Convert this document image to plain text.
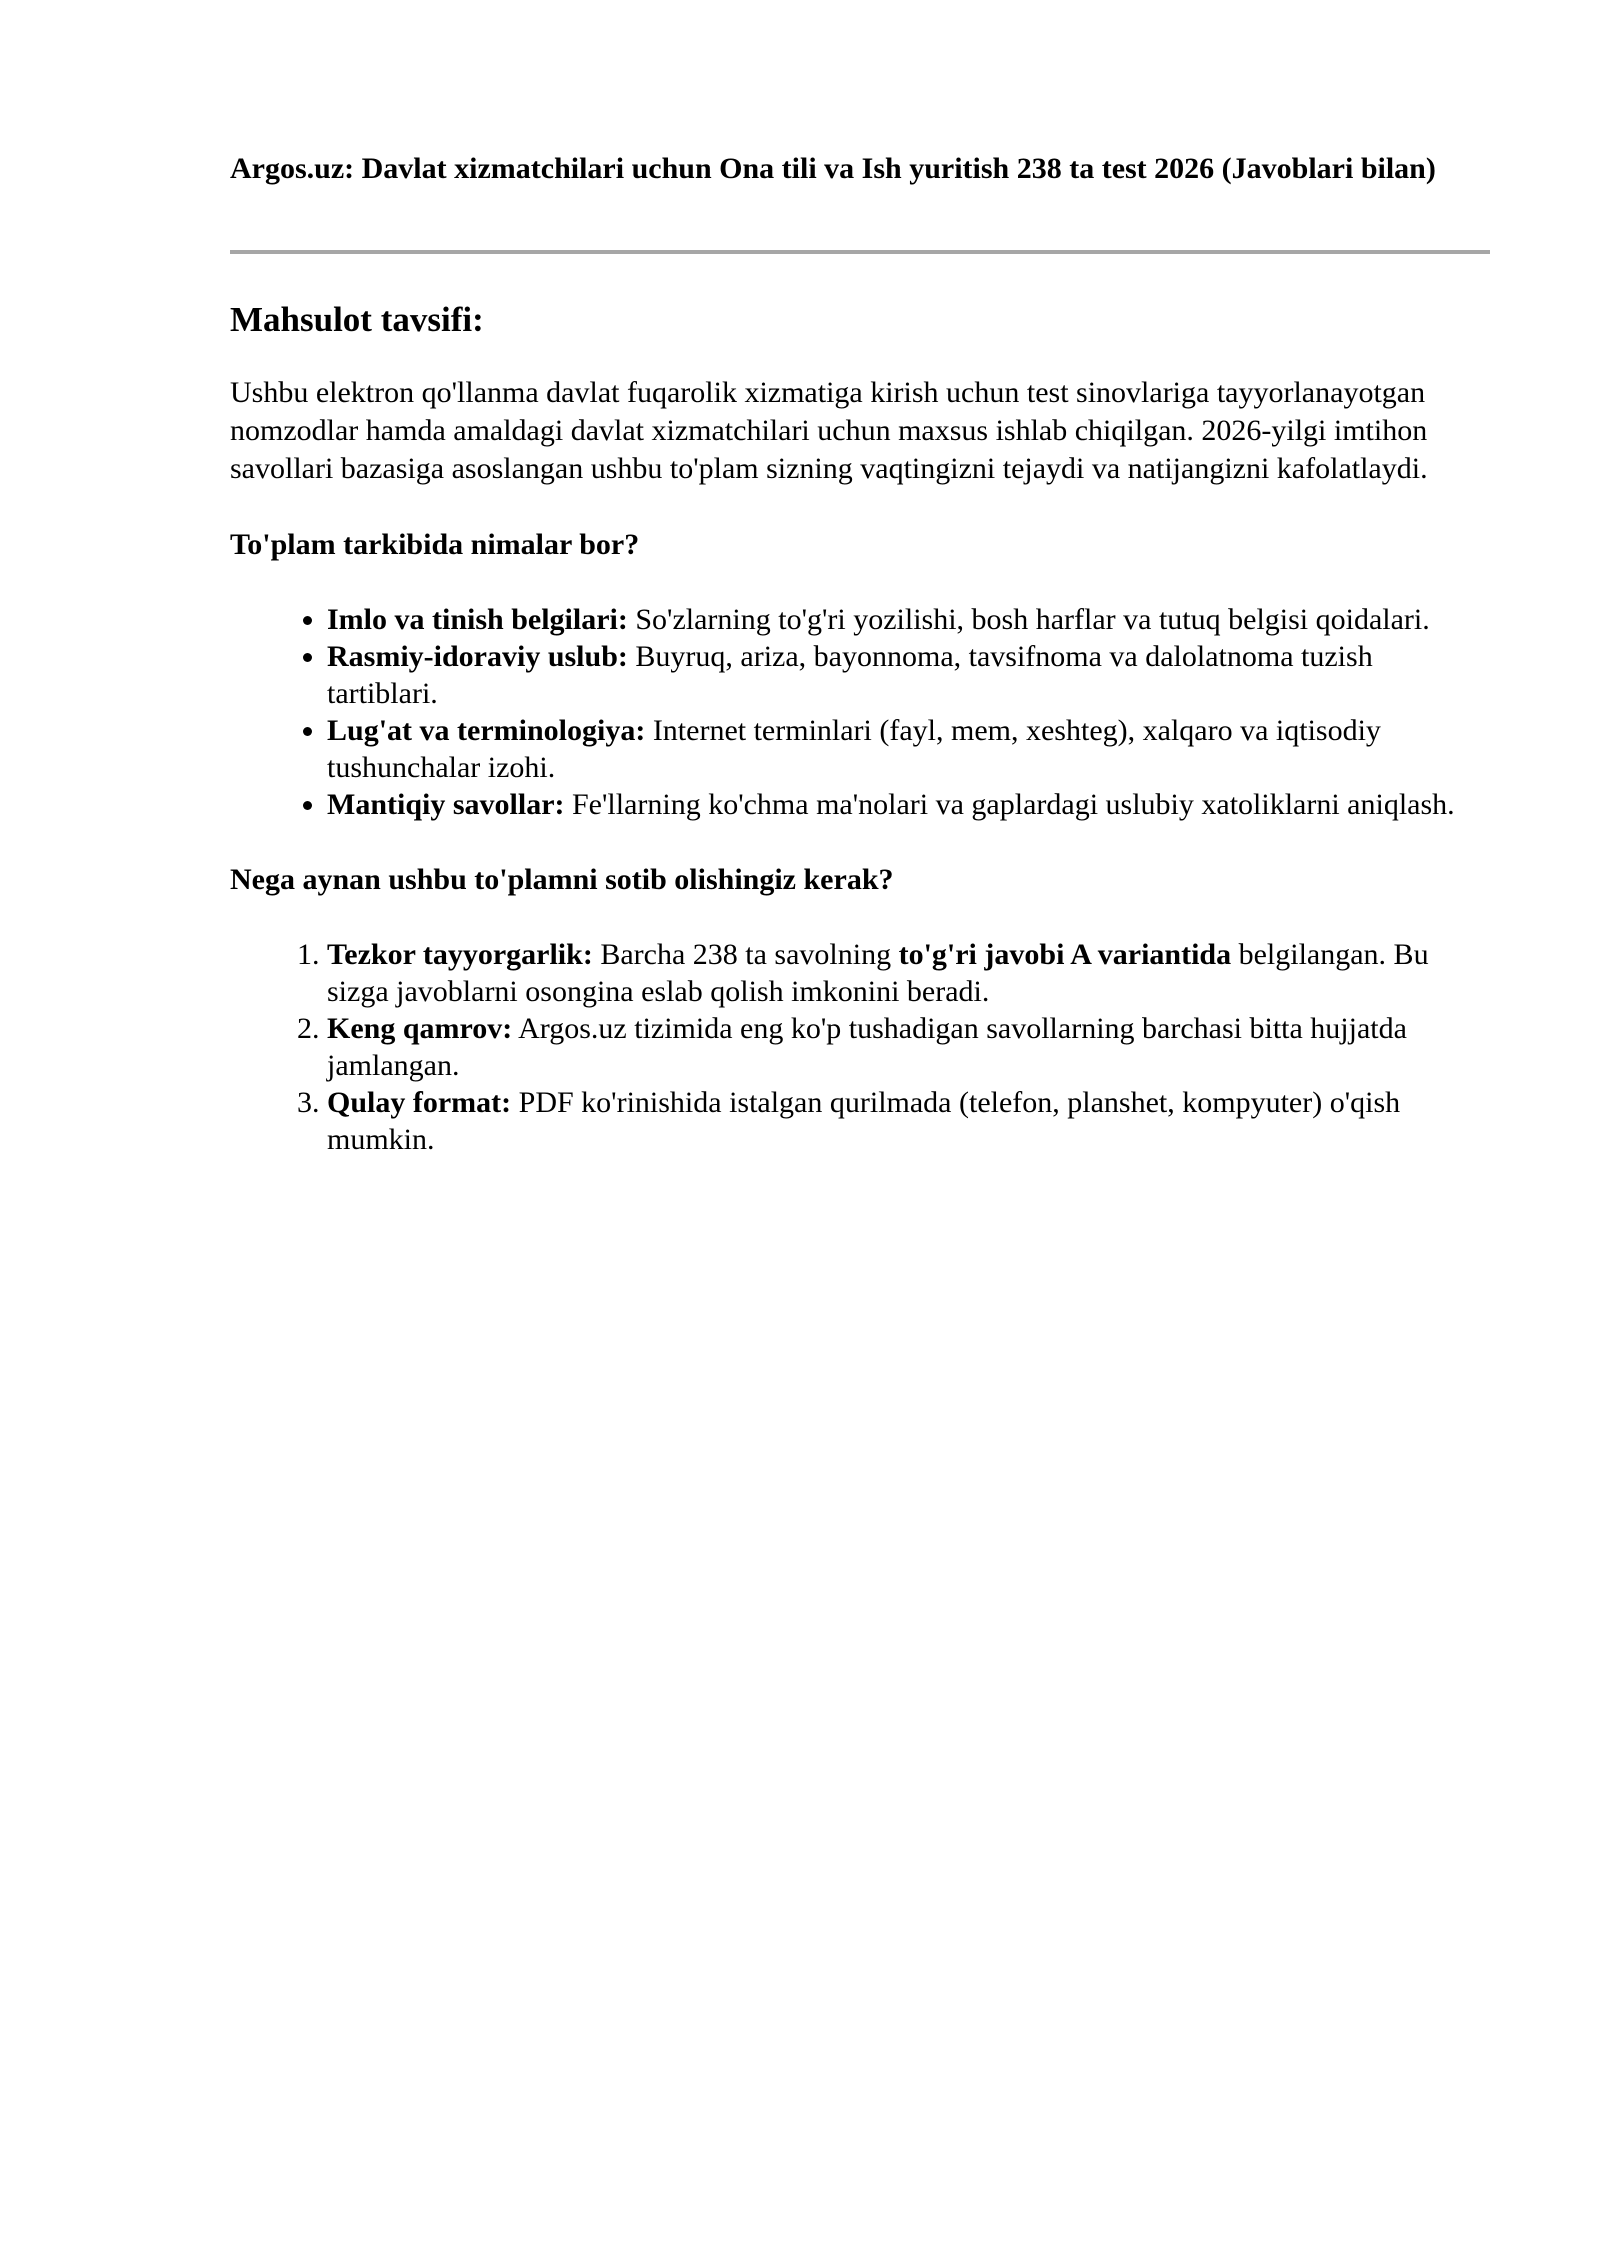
Argos.uz: Davlat xizmatchilari uchun Ona tili va Ish yuritish 238 ta test 2026 (Javoblari bilan)

Mahsulot tavsifi:

Ushbu elektron qo'llanma davlat fuqarolik xizmatiga kirish uchun test sinovlariga tayyorlanayotgan nomzodlar hamda amaldagi davlat xizmatchilari uchun maxsus ishlab chiqilgan. 2026-yilgi imtihon savollari bazasiga asoslangan ushbu to'plam sizning vaqtingizni tejaydi va natijangizni kafolatlaydi.

To'plam tarkibida nimalar bor?

• Imlo va tinish belgilari: So'zlarning to'g'ri yozilishi, bosh harflar va tutuq belgisi qoidalari.
• Rasmiy-idoraviy uslub: Buyruq, ariza, bayonnoma, tavsifnoma va dalolatnoma tuzish tartiblari.
• Lug'at va terminologiya: Internet terminlari (fayl, mem, xeshteg), xalqaro va iqtisodiy tushunchalar izohi.
• Mantiqiy savollar: Fe'llarning ko'chma ma'nolari va gaplardagi uslubiy xatoliklarni aniqlash.

Nega aynan ushbu to'plamni sotib olishingiz kerak?

1. Tezkor tayyorgarlik: Barcha 238 ta savolning to'g'ri javobi A variantida belgilangan. Bu sizga javoblarni osongina eslab qolish imkonini beradi.
2. Keng qamrov: Argos.uz tizimida eng ko'p tushadigan savollarning barchasi bitta hujjatda jamlangan.
3. Qulay format: PDF ko'rinishida istalgan qurilmada (telefon, planshet, kompyuter) o'qish mumkin.
